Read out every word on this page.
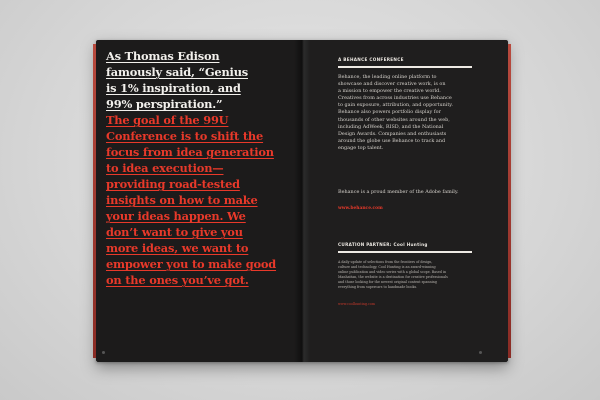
As Thomas Edison
famously said, “Genius
is 1% inspiration, and
99% perspiration.”
The goal of the 99U
Conference is to shift the
focus from idea generation
to idea execution—
providing road-tested
insights on how to make
your ideas happen. We
don’t want to give you
more ideas, we want to
empower you to make good
on the ones you’ve got.
A BEHANCE CONFERENCE
Behance, the leading online platform to
showcase and discover creative work, is on
a mission to empower the creative world.
Creatives from across industries use Behance
to gain exposure, attribution, and opportunity.
Behance also powers portfolio display for
thousands of other websites around the web,
including AdWeek, RISD, and the National
Design Awards. Companies and enthusiasts
around the globe use Behance to track and
engage top talent.
Behance is a proud member of the Adobe family.
www.behance.com
CURATION PARTNER: Cool Hunting
A daily update of selections from the frontiers of design,
culture and technology, Cool Hunting is an award-winning
online publication and video series with a global scope. Based in
Manhattan, the website is a destination for creative professionals
and those looking for the newest original content spanning
everything from supercars to handmade books.
www.coolhunting.com
